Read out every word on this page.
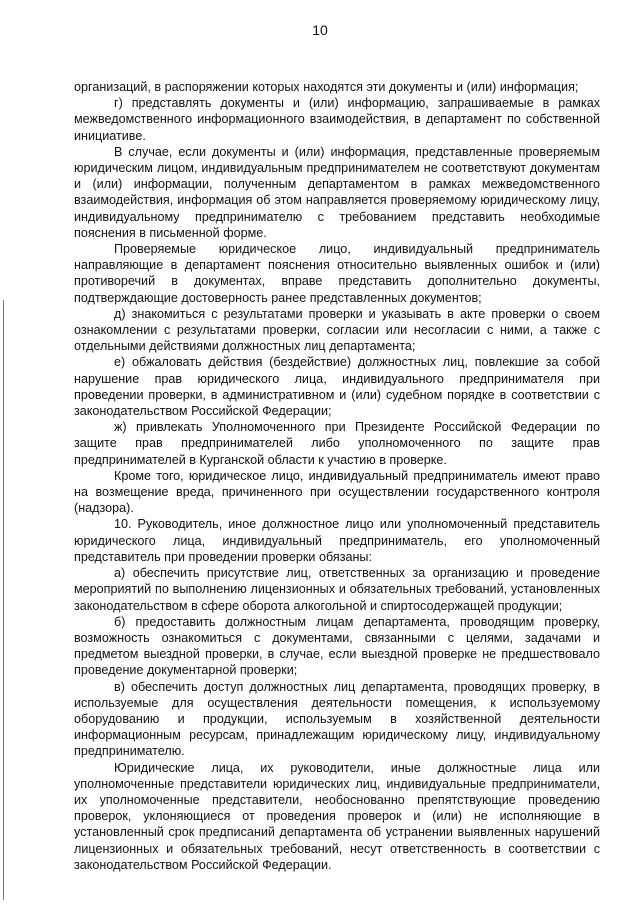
10

организаций, в распоряжении которых находятся эти документы и (или) информация;

г) представлять документы и (или) информацию, запрашиваемые в рамках межведомственного информационного взаимодействия, в департамент по собственной инициативе.

В случае, если документы и (или) информация, представленные проверяемым юридическим лицом, индивидуальным предпринимателем не соответствуют документам и (или) информации, полученным департаментом в рамках межведомственного взаимодействия, информация об этом направляется проверяемому юридическому лицу, индивидуальному предпринимателю с требованием представить необходимые пояснения в письменной форме.

Проверяемые юридическое лицо, индивидуальный предприниматель направляющие в департамент пояснения относительно выявленных ошибок и (или) противоречий в документах, вправе представить дополнительно документы, подтверждающие достоверность ранее представленных документов;

д) знакомиться с результатами проверки и указывать в акте проверки о своем ознакомлении с результатами проверки, согласии или несогласии с ними, а также с отдельными действиями должностных лиц департамента;

е) обжаловать действия (бездействие) должностных лиц, повлекшие за собой нарушение прав юридического лица, индивидуального предпринимателя при проведении проверки, в административном и (или) судебном порядке в соответствии с законодательством Российской Федерации;

ж) привлекать Уполномоченного при Президенте Российской Федерации по защите прав предпринимателей либо уполномоченного по защите прав предпринимателей в Курганской области к участию в проверке.

Кроме того, юридическое лицо, индивидуальный предприниматель имеют право на возмещение вреда, причиненного при осуществлении государственного контроля (надзора).

10. Руководитель, иное должностное лицо или уполномоченный представитель юридического лица, индивидуальный предприниматель, его уполномоченный представитель при проведении проверки обязаны:

а) обеспечить присутствие лиц, ответственных за организацию и проведение мероприятий по выполнению лицензионных и обязательных требований, установленных законодательством в сфере оборота алкогольной и спиртосодержащей продукции;

б) предоставить должностным лицам департамента, проводящим проверку, возможность ознакомиться с документами, связанными с целями, задачами и предметом выездной проверки, в случае, если выездной проверке не предшествовало проведение документарной проверки;

в) обеспечить доступ должностных лиц департамента, проводящих проверку, в используемые для осуществления деятельности помещения, к используемому оборудованию и продукции, используемым в хозяйственной деятельности информационным ресурсам, принадлежащим юридическому лицу, индивидуальному предпринимателю.

Юридические лица, их руководители, иные должностные лица или уполномоченные представители юридических лиц, индивидуальные предприниматели, их уполномоченные представители, необоснованно препятствующие проведению проверок, уклоняющиеся от проведения проверок и (или) не исполняющие в установленный срок предписаний департамента об устранении выявленных нарушений лицензионных и обязательных требований, несут ответственность в соответствии с законодательством Российской Федерации.
